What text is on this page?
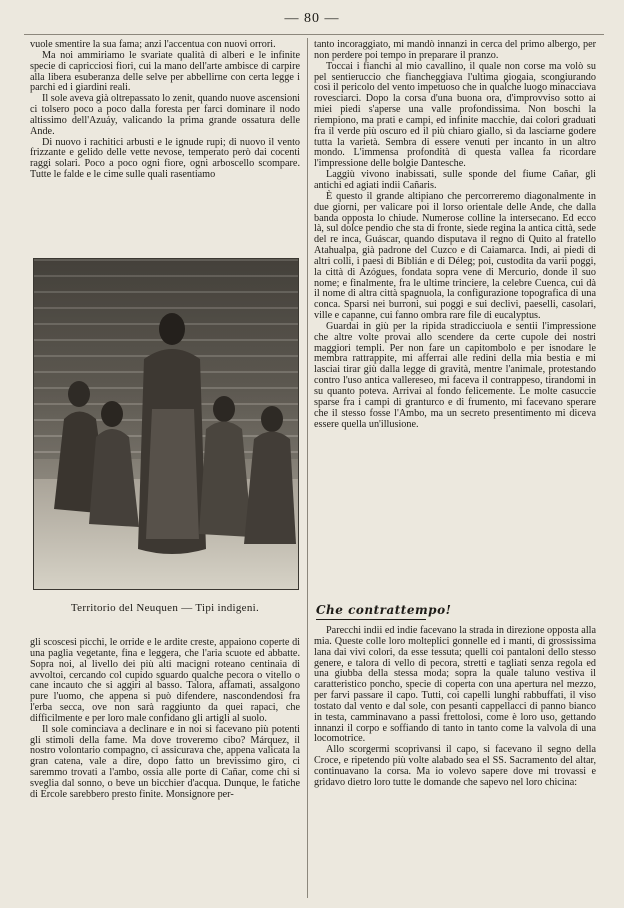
— 80 —

vuole smentire la sua fama; anzi l'accentua con nuovi orrori.

Ma noi ammiriamo le svariate qualità di alberi e le infinite specie di capricciosi fiori, cui la mano dell'arte ambisce di carpire alla libera esuberanza delle selve per abbellirne con certa legge i parchi ed i giardini reali.

Il sole aveva già oltrepassato lo zenit, quando nuove ascensioni ci tolsero poco a poco dalla foresta per farci dominare il nodo altissimo dell'Azuáy, valicando la prima grande ossatura delle Ande.

Di nuovo i rachitici arbusti e le ignude rupi; di nuovo il vento frizzante e gelido delle vette nevose, temperato però dai cocenti raggi solari. Poco a poco ogni fiore, ogni arboscello scompare. Tutte le falde e le cime sulle quali rasentiamo

Territorio del Neuquen — Tipi indigeni.

tanto incoraggiato, mi mandò innanzi in cerca del primo albergo, per non perdere poi tempo in preparare il pranzo.

Toccai i fianchi al mio cavallino, il quale non corse ma volò su pel sentieruccio che fiancheggiava l'ultima giogaia, scongiurando così il pericolo del vento impetuoso che in qualche luogo minacciava rovesciarci. Dopo la corsa d'una buona ora, d'improvviso sotto ai miei piedi s'aperse una valle profondissima. Non boschi la riempiono, ma prati e campi, ed infinite macchie, dai colori graduati fra il verde più oscuro ed il più chiaro giallo, sì da lasciarne godere tutta la varietà. Sembra di essere venuti per incanto in un altro mondo. L'immensa profondità di questa vallea fa ricordare l'impressione delle bolgie Dantesche.

Laggiù vivono inabissati, sulle sponde del fiume Cañar, gli antichi ed agiati indii Cañaris.

È questo il grande altipiano che percorreremo diagonalmente in due giorni, per valicare poi il lorso orientale delle Ande, che dalla banda opposta lo chiude. Numerose colline la intersecano. Ed ecco là, sul dolce pendio che sta di fronte, siede regina la antica città, sede del re inca, Guáscar, quando disputava il regno di Quito al fratello Atahualpa, già padrone del Cuzco e di Caiamarca. Indi, ai piedi di altri colli, i paesi di Biblián e di Déleg; poi, custodita da varii poggi, la città di Azógues, fondata sopra vene di Mercurio, donde il suo nome; e finalmente, fra le ultime trinciere, la celebre Cuenca, cui dà il nome di altra città spagnuola, la configurazione topografica di una conca. Sparsi nei burroni, sui poggi e sui declivi, paeselli, casolari, ville e capanne, cui fanno ombra rare file di eucalyptus.

Guardai in giù per la ripida stradicciuola e sentii l'impressione che altre volte provai allo scendere da certe cupole dei nostri maggiori templi. Per non fare un capitombolo e per isnodare le membra rattrappite, mi afferrai alle redini della mia bestia e mi lasciai tirar giù dalla legge di gravità, mentre l'animale, protestando contro l'uso antica vallereseo, mi faceva il contrappeso, tirandomi in su quanto poteva. Arrivai al fondo felicemente. Le molte casuccie sparse fra i campi di granturco e di frumento, mi facevano sperare che il stesso fosse l'Ambo, ma un secreto presentimento mi diceva essere quella un'illusione.

Che contrattempo!

gli scoscesi picchi, le orride e le ardite creste, appaiono coperte di una paglia vegetante, fina e leggera, che l'aria scuote ed abbatte. Sopra noi, al livello dei più alti macigni roteano centinaia di avvoltoi, cercando col cupido sguardo qualche pecora o vitello o cane incauto che si aggiri al basso. Talora, affamati, assalgono pure l'uomo, che appena si può difendere, nascondendosi fra l'erba secca, ove non sarà raggiunto da quei rapaci, che difficilmente e per loro male confidano gli artigli al suolo.

Il sole cominciava a declinare e in noi si facevano più potenti gli stimoli della fame. Ma dove troveremo cibo? Márquez, il nostro volontario compagno, ci assicurava che, appena valicata la gran catena, vale a dire, dopo fatto un brevissimo giro, ci saremmo trovati a l'ambo, ossia alle porte di Cañar, come chi si sveglia dal sonno, o beve un bicchier d'acqua. Dunque, le fatiche di Ercole sarebbero presto finite. Monsignore per-

Parecchi indii ed indie facevano la strada in direzione opposta alla mia. Queste colle loro molteplici gonnelle ed i manti, di grossissima lana dai vivi colori, da esse tessuta; quelli coi pantaloni dello stesso genere, e talora di vello di pecora, stretti e tagliati senza regola ed una giubba della stessa moda; sopra la quale taluno vestiva il caratteristico poncho, specie di coperta con una apertura nel mezzo, per farvi passare il capo. Tutti, coi capelli lunghi rabbuffati, il viso tostato dal vento e dal sole, con pesanti cappellacci di panno bianco in testa, camminavano a passi frettolosi, come è loro uso, gettando innanzi il corpo e soffiando di tanto in tanto come la valvola di una locomotrice.

Allo scorgermi scoprivansi il capo, si facevano il segno della Croce, e ripetendo più volte alabado sea el SS. Sacramento del altar, continuavano la corsa. Ma io volevo sapere dove mi trovassi e gridavo dietro loro tutte le domande che sapevo nel loro chicina:
